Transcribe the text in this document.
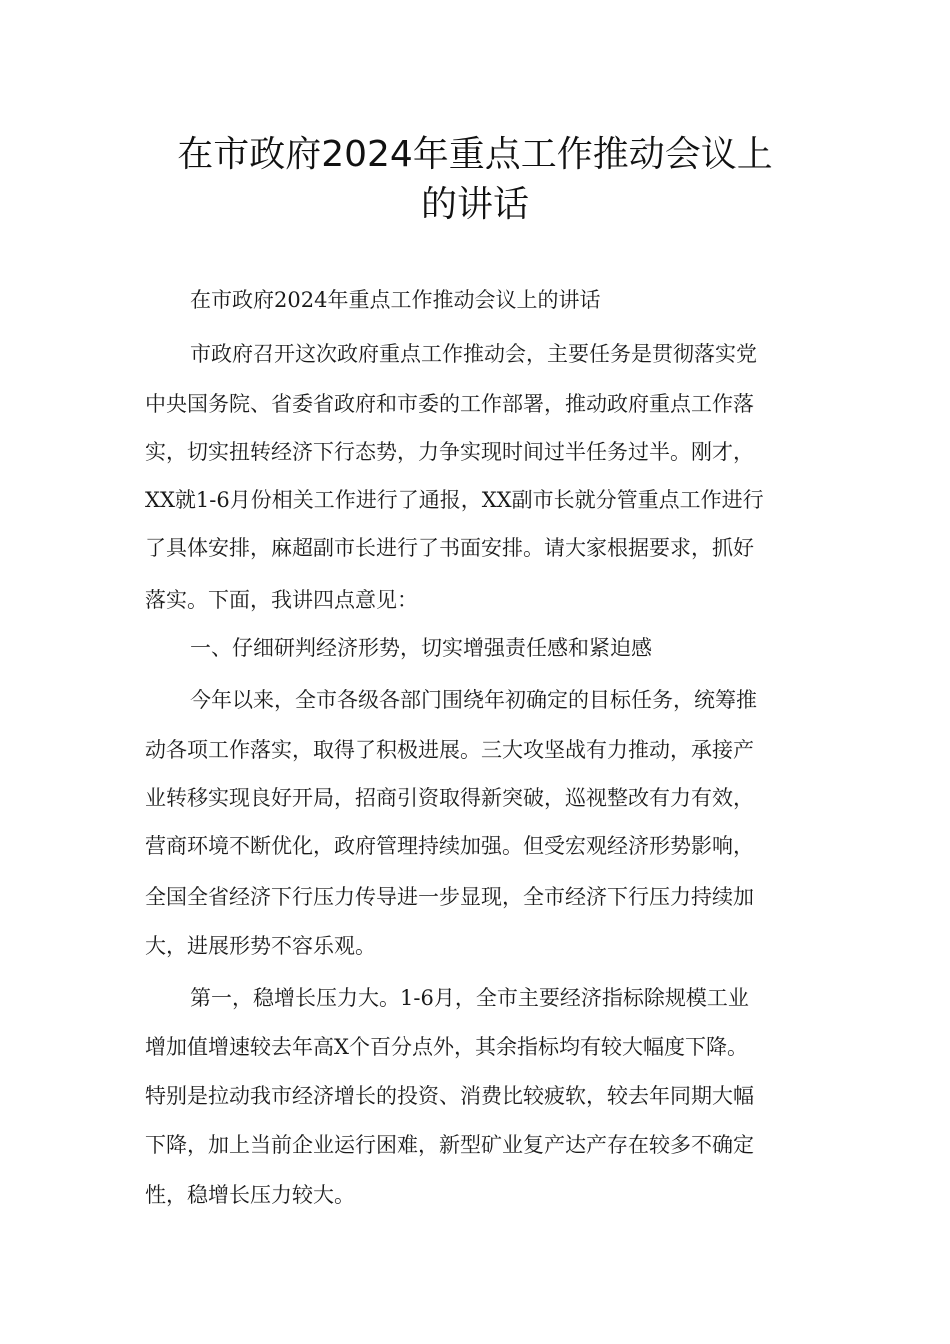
在市政府2024年重点工作推动会议上
的讲话
在市政府2024年重点工作推动会议上的讲话
市政府召开这次政府重点工作推动会，主要任务是贯彻落实党
中央国务院、省委省政府和市委的工作部署，推动政府重点工作落
实，切实扭转经济下行态势，力争实现时间过半任务过半。刚才，
XX就1-6月份相关工作进行了通报，XX副市长就分管重点工作进行
了具体安排，麻超副市长进行了书面安排。请大家根据要求，抓好
落实。下面，我讲四点意见：
一、仔细研判经济形势，切实增强责任感和紧迫感
今年以来，全市各级各部门围绕年初确定的目标任务，统筹推
动各项工作落实，取得了积极进展。三大攻坚战有力推动，承接产
业转移实现良好开局，招商引资取得新突破，巡视整改有力有效，
营商环境不断优化，政府管理持续加强。但受宏观经济形势影响，
全国全省经济下行压力传导进一步显现，全市经济下行压力持续加
大，进展形势不容乐观。
第一，稳增长压力大。1-6月，全市主要经济指标除规模工业
增加值增速较去年高X个百分点外，其余指标均有较大幅度下降。
特别是拉动我市经济增长的投资、消费比较疲软，较去年同期大幅
下降，加上当前企业运行困难，新型矿业复产达产存在较多不确定
性，稳增长压力较大。
